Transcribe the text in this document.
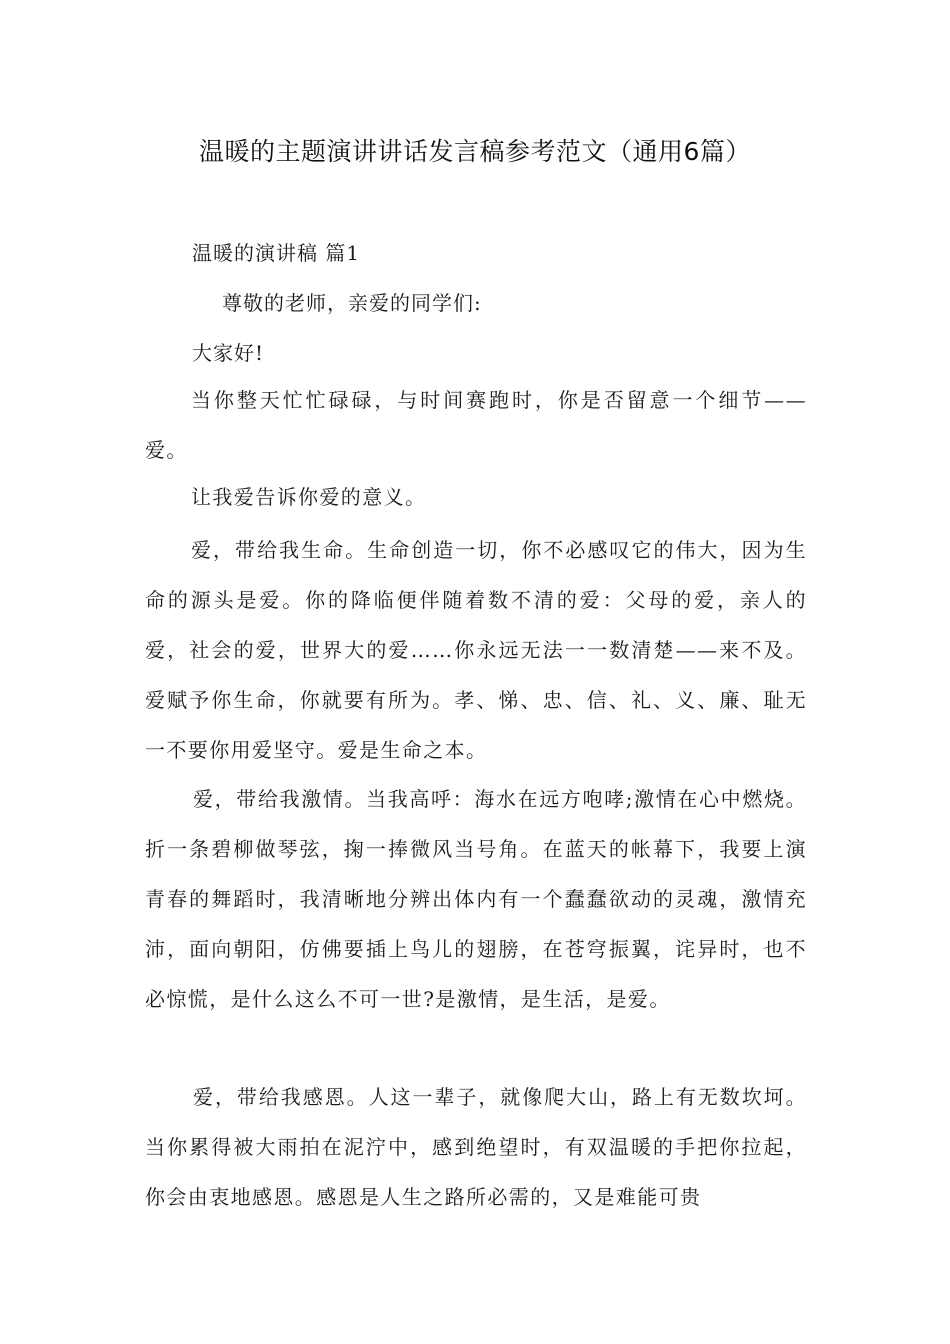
温暖的主题演讲讲话发言稿参考范文（通用6篇）
温暖的演讲稿 篇1
尊敬的老师，亲爱的同学们:
大家好!

当你整天忙忙碌碌，与时间赛跑时，你是否留意一个细节——爱。

让我爱告诉你爱的意义。

爱，带给我生命。生命创造一切，你不必感叹它的伟大，因为生命的源头是爱。你的降临便伴随着数不清的爱：父母的爱，亲人的爱，社会的爱，世界大的爱……你永远无法一一数清楚——来不及。爱赋予你生命，你就要有所为。孝、悌、忠、信、礼、义、廉、耻无一不要你用爱坚守。爱是生命之本。

爱，带给我激情。当我高呼：海水在远方咆哮;激情在心中燃烧。折一条碧柳做琴弦，掬一捧微风当号角。在蓝天的帐幕下，我要上演青春的舞蹈时，我清晰地分辨出体内有一个蠢蠢欲动的灵魂，激情充沛，面向朝阳，仿佛要插上鸟儿的翅膀，在苍穹振翼，诧异时，也不必惊慌，是什么这么不可一世?是激情，是生活，是爱。

爱，带给我感恩。人这一辈子，就像爬大山，路上有无数坎坷。当你累得被大雨拍在泥泞中，感到绝望时，有双温暖的手把你拉起，你会由衷地感恩。感恩是人生之路所必需的，又是难能可贵
